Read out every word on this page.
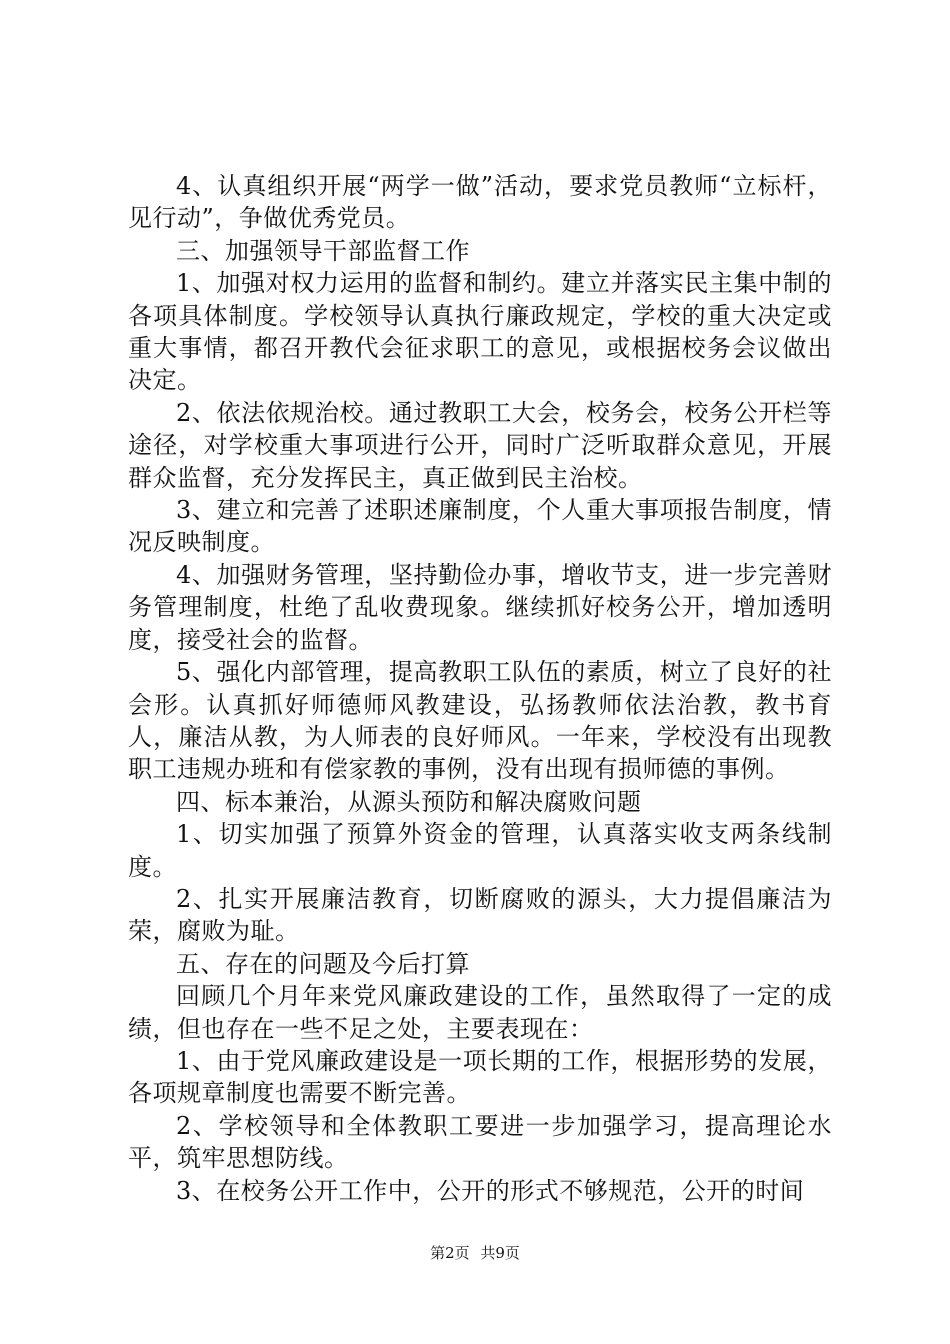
4、认真组织开展“两学一做”活动，要求党员教师“立标杆，见行动”，争做优秀党员。

三、加强领导干部监督工作

1、加强对权力运用的监督和制约。建立并落实民主集中制的各项具体制度。学校领导认真执行廉政规定，学校的重大决定或重大事情，都召开教代会征求职工的意见，或根据校务会议做出决定。

2、依法依规治校。通过教职工大会，校务会，校务公开栏等途径，对学校重大事项进行公开，同时广泛听取群众意见，开展群众监督，充分发挥民主，真正做到民主治校。

3、建立和完善了述职述廉制度，个人重大事项报告制度，情况反映制度。

4、加强财务管理，坚持勤俭办事，增收节支，进一步完善财务管理制度，杜绝了乱收费现象。继续抓好校务公开，增加透明度，接受社会的监督。

5、强化内部管理，提高教职工队伍的素质，树立了良好的社会形。认真抓好师德师风教建设，弘扬教师依法治教，教书育人，廉洁从教，为人师表的良好师风。一年来，学校没有出现教职工违规办班和有偿家教的事例，没有出现有损师德的事例。

四、标本兼治，从源头预防和解决腐败问题

1、切实加强了预算外资金的管理，认真落实收支两条线制度。

2、扎实开展廉洁教育，切断腐败的源头，大力提倡廉洁为荣，腐败为耻。

五、存在的问题及今后打算

回顾几个月年来党风廉政建设的工作，虽然取得了一定的成绩，但也存在一些不足之处，主要表现在：

1、由于党风廉政建设是一项长期的工作，根据形势的发展，各项规章制度也需要不断完善。

2、学校领导和全体教职工要进一步加强学习，提高理论水平，筑牢思想防线。

3、在校务公开工作中，公开的形式不够规范，公开的时间

第2页 共9页
